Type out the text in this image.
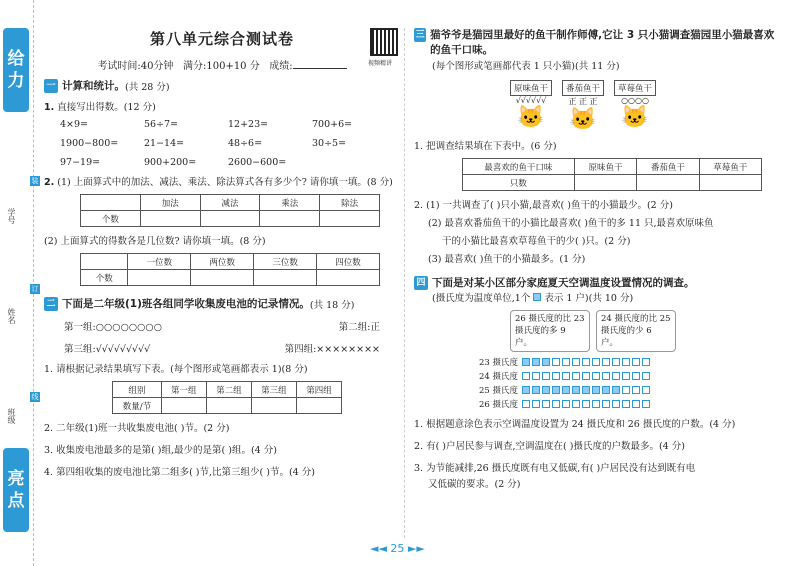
给
力
学号
姓名
班级
装
订
线
亮
点
第八单元综合测试卷
视频精讲
考试时间:40分钟 满分:100+10 分 成绩:
一 计算和统计。 (共 28 分)
1. 直接写出得数。(12 分)
4×9=	56÷7=	12+23=	700+6=
1900−800=	21−14=	48÷6=	30÷5=
97−19=	900+200=	2600−600=
2. (1) 上面算式中的加法、减法、乘法、除法算式各有多少个? 请你填一填。(8 分)
	加法	减法	乘法	除法
个数				
(2) 上面算式的得数各是几位数? 请你填一填。(8 分)
	一位数	两位数	三位数	四位数
个数				
二 下面是二年级(1)班各组同学收集废电池的记录情况。 (共 18 分)
第一组:○○○○○○○○	第二组:正
第三组:√√√√√√√√√	第四组:××××××××
1. 请根据记录结果填写下表。(每个图形或笔画都表示 1)(8 分)
组别	第一组	第二组	第三组	第四组
数量/节				
2. 二年级(1)班一共收集废电池( )节。(2 分)
3. 收集废电池最多的是第( )组,最少的是第( )组。(4 分)
4. 第四组收集的废电池比第二组多( )节,比第三组少( )节。(4 分)
三 猫爷爷是猫园里最好的鱼干制作师傅,它让 3 只小猫调查猫园里小猫最喜欢的鱼干口味。
(每个图形或笔画都代表 1 只小猫)(共 11 分)
原味鱼干
√√√√√√
🐱
番茄鱼干
正 正 正
🐱
草莓鱼干
○○○○
🐱
1. 把调查结果填在下表中。(6 分)
最喜欢的鱼干口味	原味鱼干	番茄鱼干	草莓鱼干
只数			
2. (1) 一共调查了( )只小猫,最喜欢( )鱼干的小猫最少。(2 分)
(2) 最喜欢番茄鱼干的小猫比最喜欢( )鱼干的多 11 只,最喜欢原味鱼
干的小猫比最喜欢草莓鱼干的少( )只。(2 分)
(3) 最喜欢( )鱼干的小猫最多。(1 分)
四 下面是对某小区部分家庭夏天空调温度设置情况的调查。
(摄氏度为温度单位,1个 表示 1 户)(共 10 分)
26 摄氏度的比 23 摄氏度的多 9 户。
24 摄氏度的比 25 摄氏度的少 6 户。
23 摄氏度
24 摄氏度
25 摄氏度
26 摄氏度
1. 根据题意涂色表示空调温度设置为 24 摄氏度和 26 摄氏度的户数。(4 分)
2. 有( )户居民参与调查,空调温度在( )摄氏度的户数最多。(4 分)
3. 为节能减排,26 摄氏度既有电又低碳,有( )户居民没有达到既有电
又低碳的要求。(2 分)
◄◄ 25 ►►
